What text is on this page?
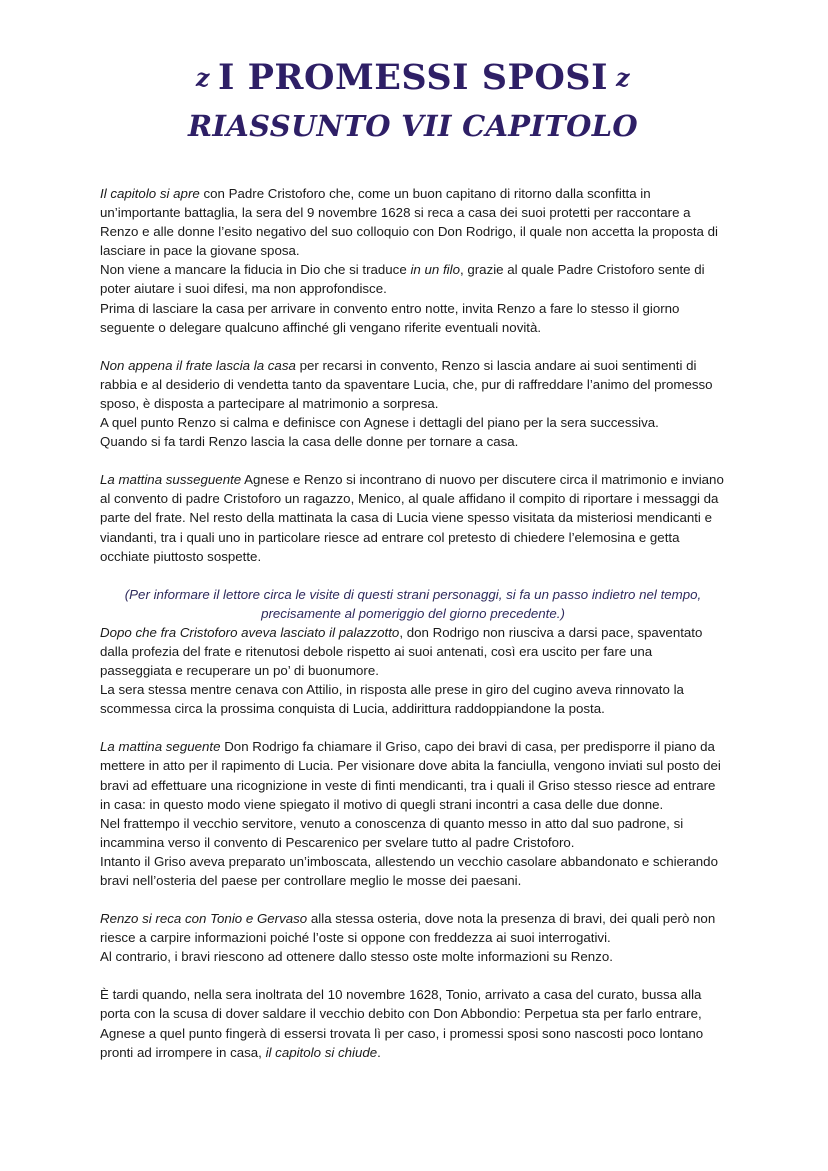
z I PROMESSI SPOSI z
RIASSUNTO VII CAPITOLO

Il capitolo si apre con Padre Cristoforo che, come un buon capitano di ritorno dalla sconfitta in un’importante battaglia, la sera del 9 novembre 1628 si reca a casa dei suoi protetti per raccontare a Renzo e alle donne l’esito negativo del suo colloquio con Don Rodrigo, il quale non accetta la proposta di lasciare in pace la giovane sposa.

Non viene a mancare la fiducia in Dio che si traduce in un filo, grazie al quale Padre Cristoforo sente di poter aiutare i suoi difesi, ma non approfondisce.

Prima di lasciare la casa per arrivare in convento entro notte, invita Renzo a fare lo stesso il giorno seguente o delegare qualcuno affinché gli vengano riferite eventuali novità.

Non appena il frate lascia la casa per recarsi in convento, Renzo si lascia andare ai suoi sentimenti di rabbia e al desiderio di vendetta tanto da spaventare Lucia, che, pur di raffreddare l’animo del promesso sposo, è disposta a partecipare al matrimonio a sorpresa.

A quel punto Renzo si calma e definisce con Agnese i dettagli del piano per la sera successiva.

Quando si fa tardi Renzo lascia la casa delle donne per tornare a casa.

La mattina susseguente Agnese e Renzo si incontrano di nuovo per discutere circa il matrimonio e inviano al convento di padre Cristoforo un ragazzo, Menico, al quale affidano il compito di riportare i messaggi da parte del frate. Nel resto della mattinata la casa di Lucia viene spesso visitata da misteriosi mendicanti e viandanti, tra i quali uno in particolare riesce ad entrare col pretesto di chiedere l’elemosina e getta occhiate piuttosto sospette.

(Per informare il lettore circa le visite di questi strani personaggi, si fa un passo indietro nel tempo, precisamente al pomeriggio del giorno precedente.)

Dopo che fra Cristoforo aveva lasciato il palazzotto, don Rodrigo non riusciva a darsi pace, spaventato dalla profezia del frate e ritenutosi debole rispetto ai suoi antenati, così era uscito per fare una passeggiata e recuperare un po’ di buonumore.

La sera stessa mentre cenava con Attilio, in risposta alle prese in giro del cugino aveva rinnovato la scommessa circa la prossima conquista di Lucia, addirittura raddoppiandone la posta.

La mattina seguente Don Rodrigo fa chiamare il Griso, capo dei bravi di casa, per predisporre il piano da mettere in atto per il rapimento di Lucia. Per visionare dove abita la fanciulla, vengono inviati sul posto dei bravi ad effettuare una ricognizione in veste di finti mendicanti, tra i quali il Griso stesso riesce ad entrare in casa: in questo modo viene spiegato il motivo di quegli strani incontri a casa delle due donne.

Nel frattempo il vecchio servitore, venuto a conoscenza di quanto messo in atto dal suo padrone, si incammina verso il convento di Pescarenico per svelare tutto al padre Cristoforo.

Intanto il Griso aveva preparato un’imboscata, allestendo un vecchio casolare abbandonato e schierando bravi nell’osteria del paese per controllare meglio le mosse dei paesani.

Renzo si reca con Tonio e Gervaso alla stessa osteria, dove nota la presenza di bravi, dei quali però non riesce a carpire informazioni poiché l’oste si oppone con freddezza ai suoi interrogativi.

Al contrario, i bravi riescono ad ottenere dallo stesso oste molte informazioni su Renzo.

È tardi quando, nella sera inoltrata del 10 novembre 1628, Tonio, arrivato a casa del curato, bussa alla porta con la scusa di dover saldare il vecchio debito con Don Abbondio: Perpetua sta per farlo entrare, Agnese a quel punto fingerà di essersi trovata lì per caso, i promessi sposi sono nascosti poco lontano pronti ad irrompere in casa, il capitolo si chiude.
